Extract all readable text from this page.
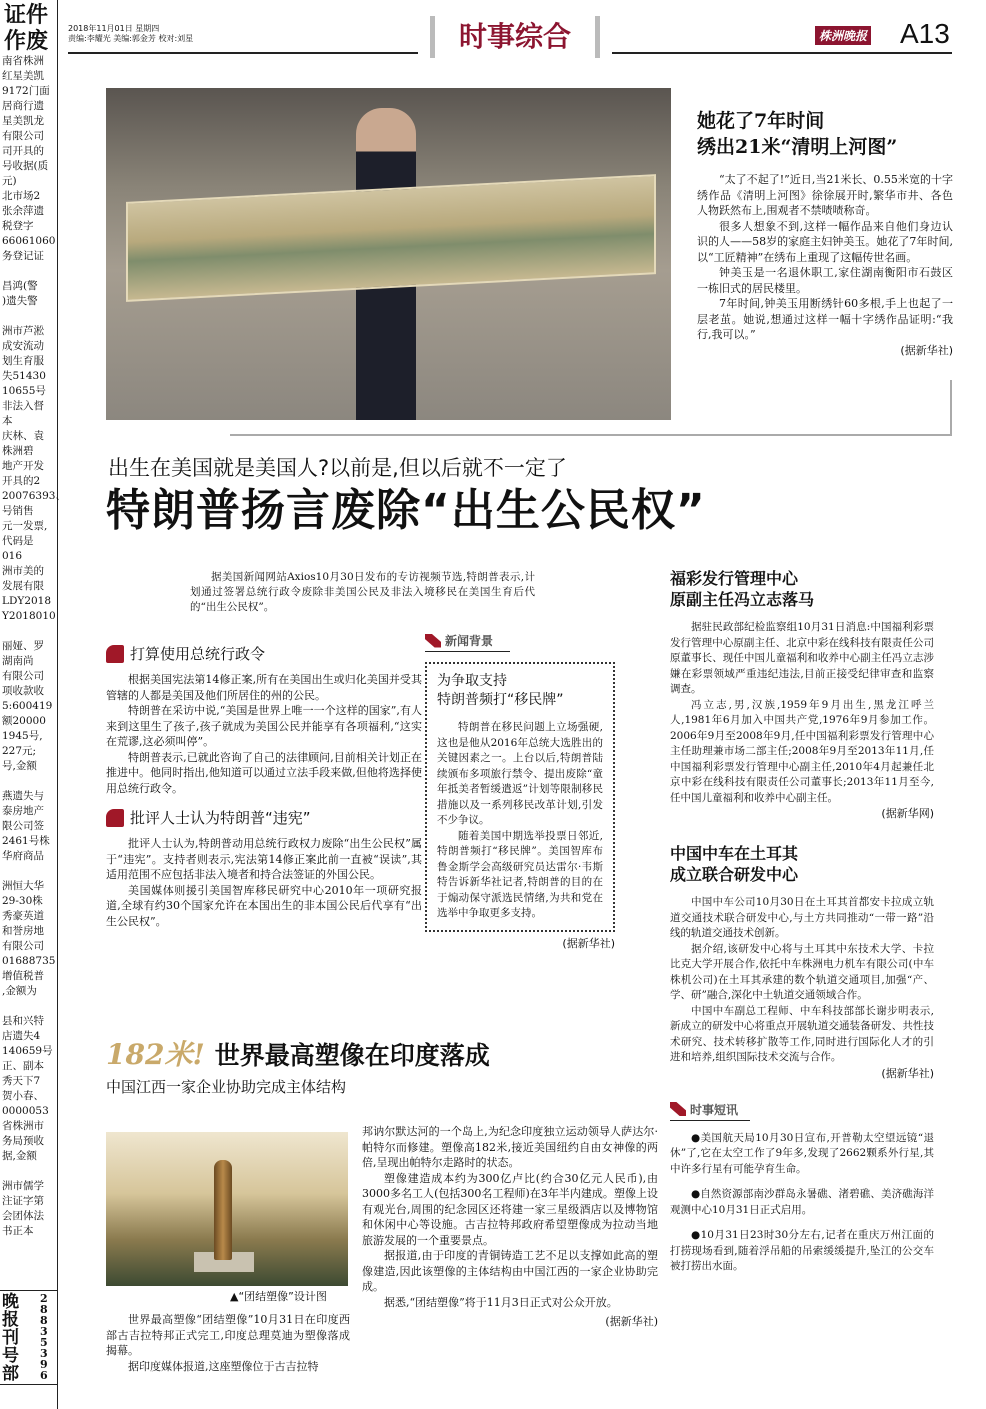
证件
作废
南省株洲
红星美凯
9172门面
居商行遗
星美凯龙
有限公司
司开具的
号收据(质
元)
北市场2
张余萍遗
税登字
66061060
务登记证

昌鸿(警
)遗失警

洲市芦淞
成安流动
划生育服
失51430
10655号
非法入督
本
庆林、袁
株洲碧
地产开发
开具的2
20076393、
号销售
元一发票,
代码是
016
洲市美的
发展有限
LDY2018
Y2018010

丽娅、罗
湖南尚
有限公司
项收款收
5:600419
额20000
1945号,
227元;
号,金额

燕遗失与
泰房地产
限公司签
2461号株
华府商品

洲恒大华
29-30株
秀豪英道
和誉房地
有限公司
01688735
增值税普
,金额为

县和兴特
店遗失4
140659号
正、副本
秀天下7
贺小春、
0000053
省株洲市
务局预收
据,金额

洲市儒学
注证字第
会团体法
书正本
晚
报
刊
号
部
28835396
2018年11月01日 星期四
责编:李耀光 美编:郭金芳 校对:刘星	时事综合	株洲晚报 A13
她花了7年时间
绣出21米“清明上河图”

“太了不起了!”近日,当21米长、0.55米宽的十字绣作品《清明上河图》徐徐展开时,繁华市井、各色人物跃然布上,围观者不禁啧啧称奇。

很多人想象不到,这样一幅作品来自他们身边认识的人——58岁的家庭主妇钟美玉。她花了7年时间,以“工匠精神”在绣布上重现了这幅传世名画。

钟美玉是一名退休职工,家住湖南衡阳市石鼓区一栋旧式的居民楼里。

7年时间,钟美玉用断绣针60多根,手上也起了一层老茧。她说,想通过这样一幅十字绣作品证明:“我行,我可以。”

(据新华社)
出生在美国就是美国人?以前是,但以后就不一定了
特朗普扬言废除“出生公民权”

据美国新闻网站Axios10月30日发布的专访视频节选,特朗普表示,计划通过签署总统行政令废除非美国公民及非法入境移民在美国生育后代的“出生公民权”。

打算使用总统行政令

根据美国宪法第14修正案,所有在美国出生或归化美国并受其管辖的人都是美国及他们所居住的州的公民。

特朗普在采访中说,“美国是世界上唯一一个这样的国家”,有人来到这里生了孩子,孩子就成为美国公民并能享有各项福利,“这实在荒谬,这必须叫停”。

特朗普表示,已就此咨询了自己的法律顾问,目前相关计划正在推进中。他同时指出,他知道可以通过立法手段来做,但他将选择使用总统行政令。

批评人士认为特朗普“违宪”

批评人士认为,特朗普动用总统行政权力废除“出生公民权”属于“违宪”。支持者则表示,宪法第14修正案此前一直被“误读”,其适用范围不应包括非法入境者和持合法签证的外国公民。

美国媒体则援引美国智库移民研究中心2010年一项研究报道,全球有约30个国家允许在本国出生的非本国公民后代享有“出生公民权”。

新闻背景
为争取支持
特朗普频打“移民牌”

特朗普在移民问题上立场强硬,这也是他从2016年总统大选胜出的关键因素之一。上台以后,特朗普陆续颁布多项旅行禁令、提出废除“童年抵美者暂缓遣返”计划等限制移民措施以及一系列移民改革计划,引发不少争议。

随着美国中期选举投票日邻近,特朗普频打“移民牌”。美国智库布鲁金斯学会高级研究员达雷尔·韦斯特告诉新华社记者,特朗普的目的在于煽动保守派选民情绪,为共和党在选举中争取更多支持。

(据新华社)
福彩发行管理中心
原副主任冯立志落马

据驻民政部纪检监察组10月31日消息:中国福利彩票发行管理中心原副主任、北京中彩在线科技有限责任公司原董事长、现任中国儿童福利和收养中心副主任冯立志涉嫌在彩票领域严重违纪违法,目前正接受纪律审查和监察调查。

冯立志,男,汉族,1959年9月出生,黑龙江呼兰人,1981年6月加入中国共产党,1976年9月参加工作。2006年9月至2008年9月,任中国福利彩票发行管理中心主任助理兼市场二部主任;2008年9月至2013年11月,任中国福利彩票发行管理中心副主任,2010年4月起兼任北京中彩在线科技有限责任公司董事长;2013年11月至今,任中国儿童福利和收养中心副主任。

(据新华网)
中国中车在土耳其
成立联合研发中心

中国中车公司10月30日在土耳其首都安卡拉成立轨道交通技术联合研发中心,与土方共同推动“一带一路”沿线的轨道交通技术创新。

据介绍,该研发中心将与土耳其中东技术大学、卡拉比克大学开展合作,依托中车株洲电力机车有限公司(中车株机公司)在土耳其承建的数个轨道交通项目,加强“产、学、研”融合,深化中土轨道交通领域合作。

中国中车副总工程师、中车科技部部长谢步明表示,新成立的研发中心将重点开展轨道交通装备研发、共性技术研究、技术转移扩散等工作,同时进行国际化人才的引进和培养,组织国际技术交流与合作。

(据新华社)
时事短讯

●美国航天局10月30日宣布,开普勒太空望远镜“退休”了,它在太空工作了9年多,发现了2662颗系外行星,其中许多行星有可能孕育生命。

●自然资源部南沙群岛永暑礁、渚碧礁、美济礁海洋观测中心10月31日正式启用。

●10月31日23时30分左右,记者在重庆万州江面的打捞现场看到,随着浮吊船的吊索缓缓提升,坠江的公交车被打捞出水面。

182米! 世界最高塑像在印度落成
中国江西一家企业协助完成主体结构
▲“团结塑像”设计图

世界最高塑像“团结塑像”10月31日在印度西部古吉拉特邦正式完工,印度总理莫迪为塑像落成揭幕。

据印度媒体报道,这座塑像位于古吉拉特

邦讷尔默达河的一个岛上,为纪念印度独立运动领导人萨达尔·帕特尔而修建。塑像高182米,接近美国纽约自由女神像的两倍,呈现出帕特尔走路时的状态。

塑像建造成本约为300亿卢比(约合30亿元人民币),由3000多名工人(包括300名工程师)在3年半内建成。塑像上设有观光台,周围的纪念园区还将建一家三星级酒店以及博物馆和休闲中心等设施。古吉拉特邦政府希望塑像成为拉动当地旅游发展的一个重要景点。

据报道,由于印度的青铜铸造工艺不足以支撑如此高的塑像建造,因此该塑像的主体结构由中国江西的一家企业协助完成。

据悉,“团结塑像”将于11月3日正式对公众开放。

(据新华社)
